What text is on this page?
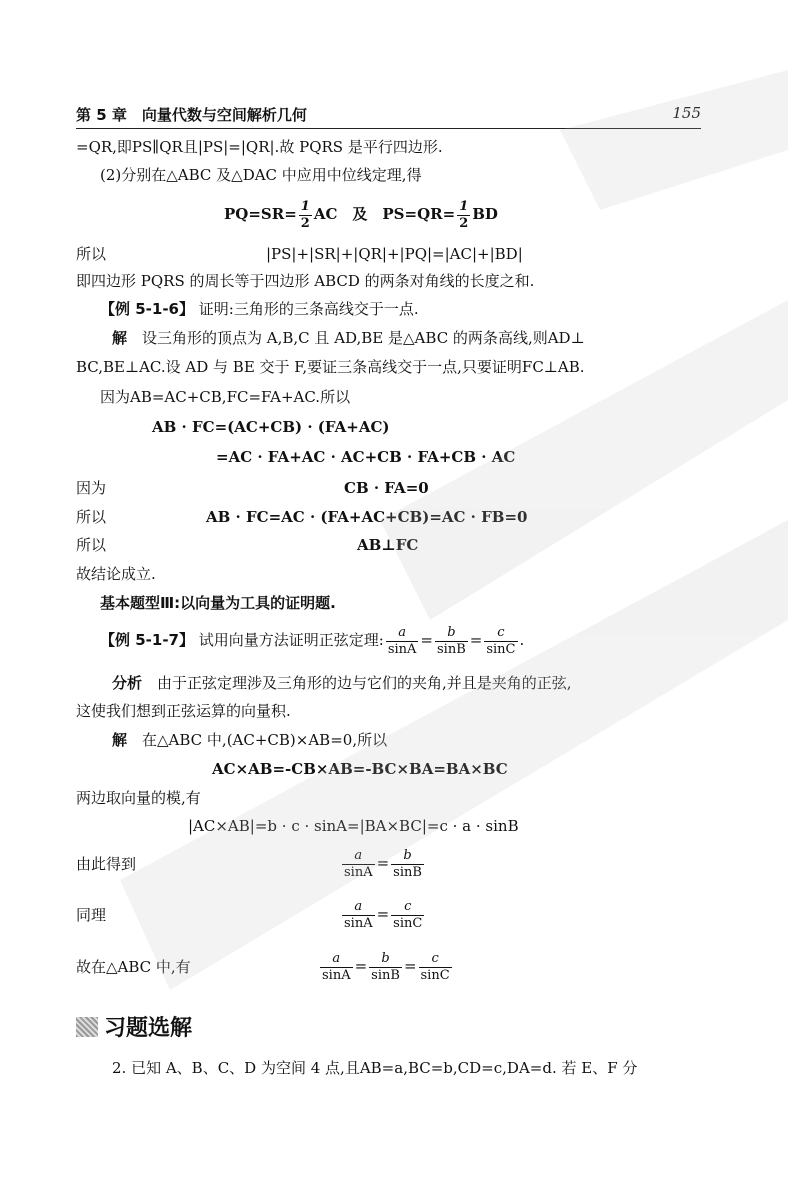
第 5 章　向量代数与空间解析几何	155
=QR,即PS∥QR且|PS|=|QR|.故 PQRS 是平行四边形.
(2)分别在△ABC 及△DAC 中应用中位线定理,得
$PQ=SR= \frac{1}{2}$ AC　及　$PS=QR= \frac{1}{2}$ BD
所以	|PS|+|SR|+|QR|+|PQ|=|AC|+|BD|
即四边形 PQRS 的周长等于四边形 ABCD 的两条对角线的长度之和.
【例 5-1-6】 证明:三角形的三条高线交于一点.
解　设三角形的顶点为 A,B,C 且 AD,BE 是△ABC 的两条高线,则AD⊥
BC,BE⊥AC.设 AD 与 BE 交于 F,要证三条高线交于一点,只要证明FC⊥AB.
因为AB=AC+CB,FC=FA+AC.所以
AB · FC=(AC+CB) · (FA+AC)
=AC · FA+AC · AC+CB · FA+CB · AC
因为	CB · FA=0
所以	AB · FC=AC · (FA+AC+CB)=AC · FB=0
所以	AB⊥FC
故结论成立.
基本题型Ⅲ:以向量为工具的证明题.
【例 5-1-7】 试用向量方法证明正弦定理: $\frac{a}{\sin A} = \frac{b}{\sin B} = \frac{c}{\sin C}$ .
分析　由于正弦定理涉及三角形的边与它们的夹角,并且是夹角的正弦,
这使我们想到正弦运算的向量积.
解　在△ABC 中,(AC+CB)×AB=0,所以
AC×AB=-CB×AB=-BC×BA=BA×BC
两边取向量的模,有
|AC×AB|=b · c · sinA=|BA×BC|=c · a · sinB
由此得到	$\frac{a}{\sin A} = \frac{b}{\sin B}$
同理	$\frac{a}{\sin A} = \frac{c}{\sin C}$
故在△ABC 中,有	$\frac{a}{\sin A} = \frac{b}{\sin B} = \frac{c}{\sin C}$
习题选解
2. 已知 A、B、C、D 为空间 4 点,且AB=a,BC=b,CD=c,DA=d. 若 E、F 分
